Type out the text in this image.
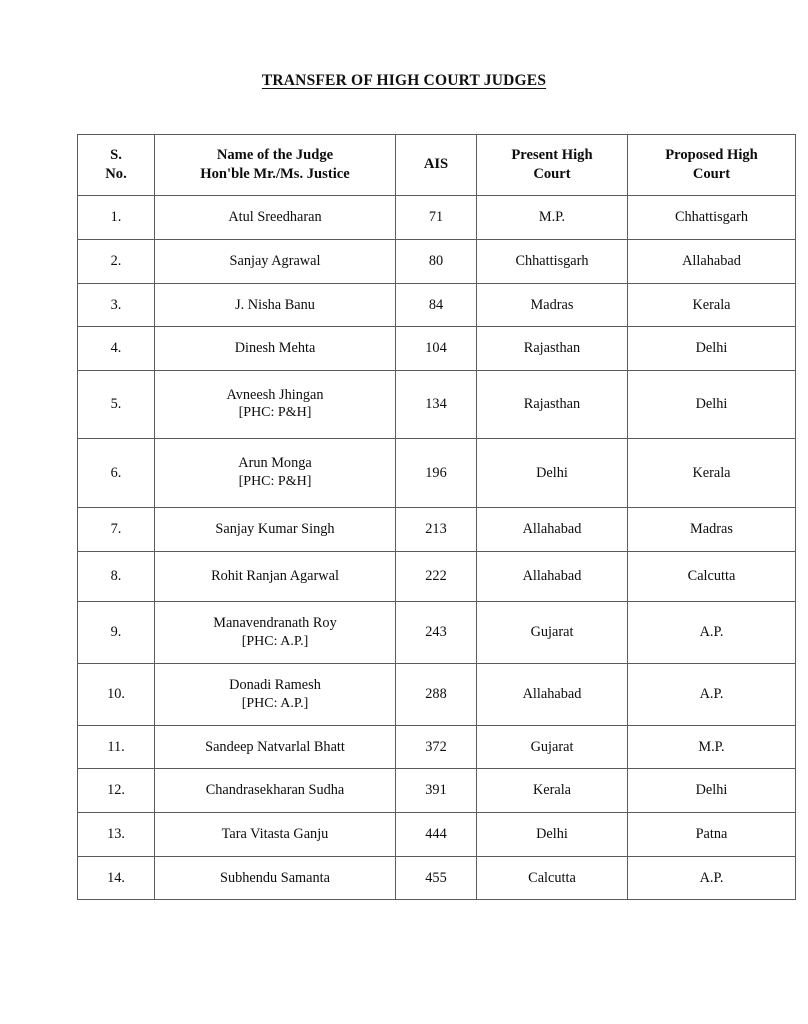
TRANSFER OF HIGH COURT JUDGES
S.
No.	Name of the Judge
Hon'ble Mr./Ms. Justice	AIS	Present High
Court	Proposed High
Court
1.	Atul Sreedharan	71	M.P.	Chhattisgarh
2.	Sanjay Agrawal	80	Chhattisgarh	Allahabad
3.	J. Nisha Banu	84	Madras	Kerala
4.	Dinesh Mehta	104	Rajasthan	Delhi
5.	Avneesh Jhingan
[PHC: P&H]	134	Rajasthan	Delhi
6.	Arun Monga
[PHC: P&H]	196	Delhi	Kerala
7.	Sanjay Kumar Singh	213	Allahabad	Madras
8.	Rohit Ranjan Agarwal	222	Allahabad	Calcutta
9.	Manavendranath Roy
[PHC: A.P.]	243	Gujarat	A.P.
10.	Donadi Ramesh
[PHC: A.P.]	288	Allahabad	A.P.
11.	Sandeep Natvarlal Bhatt	372	Gujarat	M.P.
12.	Chandrasekharan Sudha	391	Kerala	Delhi
13.	Tara Vitasta Ganju	444	Delhi	Patna
14.	Subhendu Samanta	455	Calcutta	A.P.
